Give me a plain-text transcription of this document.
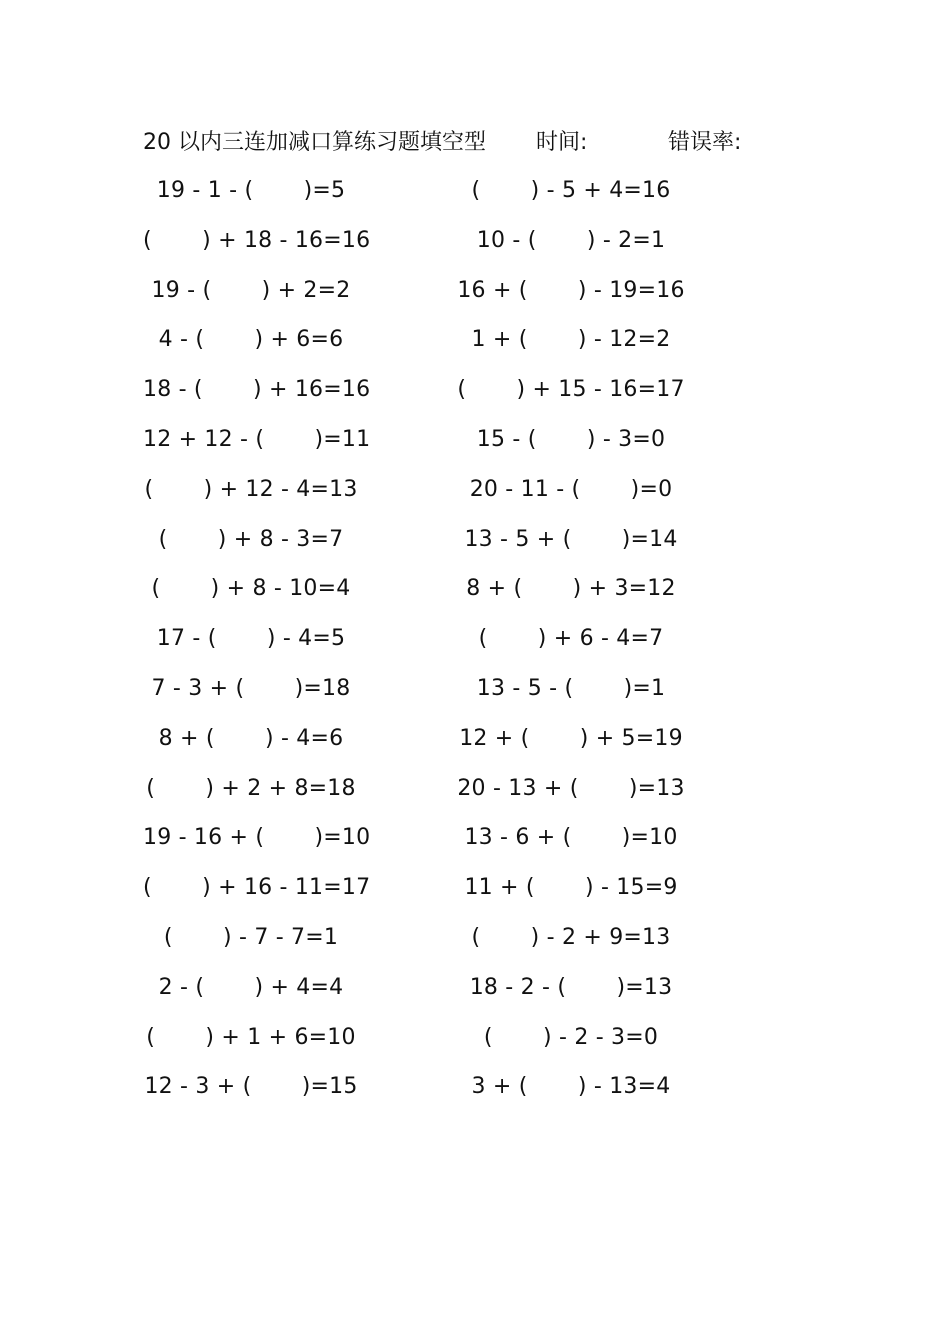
20 以内三连加减口算练习题填空型 时间:	错误率:
19 - 1 - (       )=5	(       ) - 5 + 4=16
(       ) + 18 - 16=16	10 - (       ) - 2=1
19 - (       ) + 2=2	16 + (       ) - 19=16
4 - (       ) + 6=6	1 + (       ) - 12=2
18 - (       ) + 16=16	(       ) + 15 - 16=17
12 + 12 - (       )=11	15 - (       ) - 3=0
(       ) + 12 - 4=13	20 - 11 - (       )=0
(       ) + 8 - 3=7	13 - 5 + (       )=14
(       ) + 8 - 10=4	8 + (       ) + 3=12
17 - (       ) - 4=5	(       ) + 6 - 4=7
7 - 3 + (       )=18	13 - 5 - (       )=1
8 + (       ) - 4=6	12 + (       ) + 5=19
(       ) + 2 + 8=18	20 - 13 + (       )=13
19 - 16 + (       )=10	13 - 6 + (       )=10
(       ) + 16 - 11=17	11 + (       ) - 15=9
(       ) - 7 - 7=1	(       ) - 2 + 9=13
2 - (       ) + 4=4	18 - 2 - (       )=13
(       ) + 1 + 6=10	(       ) - 2 - 3=0
12 - 3 + (       )=15	3 + (       ) - 13=4
